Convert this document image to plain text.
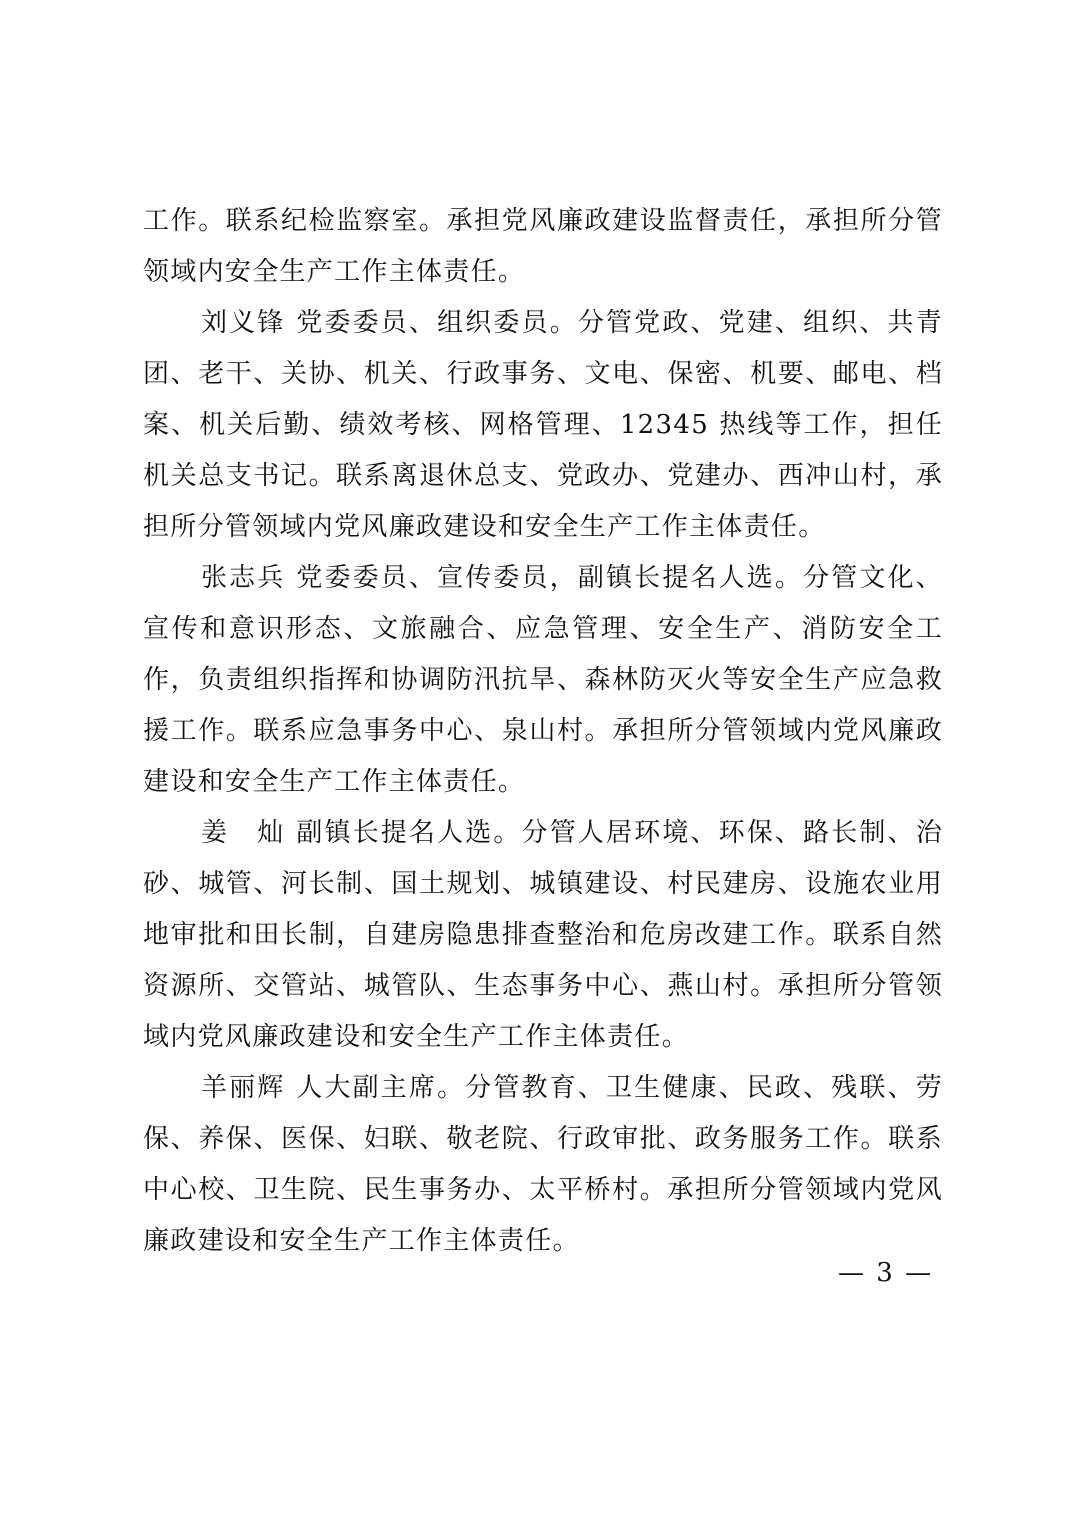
工作。联系纪检监察室。承担党风廉政建设监督责任，承担所分管领域内安全生产工作主体责任。

刘义锋 党委委员、组织委员。分管党政、党建、组织、共青团、老干、关协、机关、行政事务、文电、保密、机要、邮电、档案、机关后勤、绩效考核、网格管理、12345 热线等工作，担任机关总支书记。联系离退休总支、党政办、党建办、西冲山村，承担所分管领域内党风廉政建设和安全生产工作主体责任。

张志兵 党委委员、宣传委员，副镇长提名人选。分管文化、宣传和意识形态、文旅融合、应急管理、安全生产、消防安全工作，负责组织指挥和协调防汛抗旱、森林防灭火等安全生产应急救援工作。联系应急事务中心、泉山村。承担所分管领域内党风廉政建设和安全生产工作主体责任。

姜　灿 副镇长提名人选。分管人居环境、环保、路长制、治砂、城管、河长制、国土规划、城镇建设、村民建房、设施农业用地审批和田长制，自建房隐患排查整治和危房改建工作。联系自然资源所、交管站、城管队、生态事务中心、燕山村。承担所分管领域内党风廉政建设和安全生产工作主体责任。

羊丽辉 人大副主席。分管教育、卫生健康、民政、残联、劳保、养保、医保、妇联、敬老院、行政审批、政务服务工作。联系中心校、卫生院、民生事务办、太平桥村。承担所分管领域内党风廉政建设和安全生产工作主体责任。

— 3 —
